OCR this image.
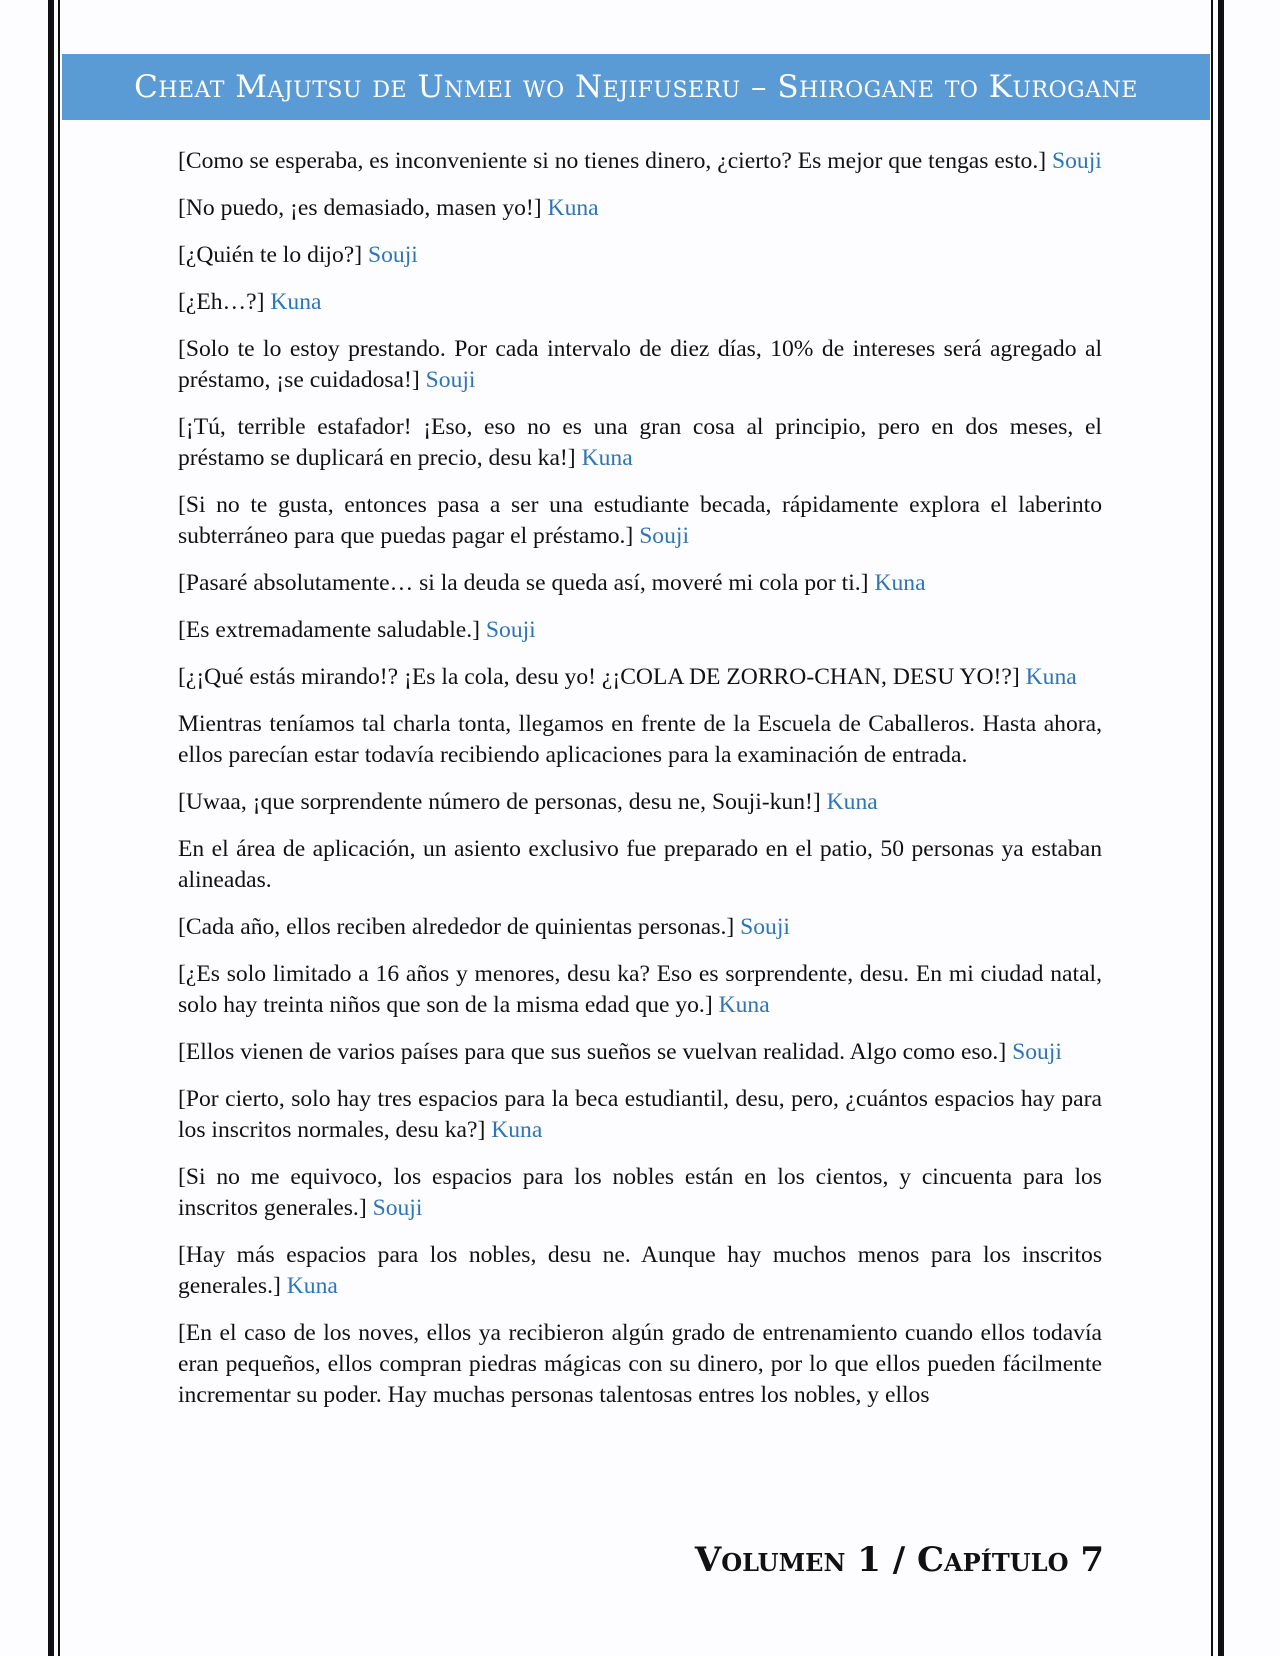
Cheat Majutsu de Unmei wo Nejifuseru – Shirogane to Kurogane

[Como se esperaba, es inconveniente si no tienes dinero, ¿cierto? Es mejor que tengas esto.] Souji

[No puedo, ¡es demasiado, masen yo!] Kuna

[¿Quién te lo dijo?] Souji

[¿Eh…?] Kuna

[Solo te lo estoy prestando. Por cada intervalo de diez días, 10% de intereses será agregado al préstamo, ¡se cuidadosa!] Souji

[¡Tú, terrible estafador! ¡Eso, eso no es una gran cosa al principio, pero en dos meses, el préstamo se duplicará en precio, desu ka!] Kuna

[Si no te gusta, entonces pasa a ser una estudiante becada, rápidamente explora el laberinto subterráneo para que puedas pagar el préstamo.] Souji

[Pasaré absolutamente… si la deuda se queda así, moveré mi cola por ti.] Kuna

[Es extremadamente saludable.] Souji

[¿¡Qué estás mirando!? ¡Es la cola, desu yo! ¿¡COLA DE ZORRO-CHAN, DESU YO!?] Kuna

Mientras teníamos tal charla tonta, llegamos en frente de la Escuela de Caballeros. Hasta ahora, ellos parecían estar todavía recibiendo aplicaciones para la examinación de entrada.

[Uwaa, ¡que sorprendente número de personas, desu ne, Souji-kun!] Kuna

En el área de aplicación, un asiento exclusivo fue preparado en el patio, 50 personas ya estaban alineadas.

[Cada año, ellos reciben alrededor de quinientas personas.] Souji

[¿Es solo limitado a 16 años y menores, desu ka? Eso es sorprendente, desu. En mi ciudad natal, solo hay treinta niños que son de la misma edad que yo.] Kuna

[Ellos vienen de varios países para que sus sueños se vuelvan realidad. Algo como eso.] Souji

[Por cierto, solo hay tres espacios para la beca estudiantil, desu, pero, ¿cuántos espacios hay para los inscritos normales, desu ka?] Kuna

[Si no me equivoco, los espacios para los nobles están en los cientos, y cincuenta para los inscritos generales.] Souji

[Hay más espacios para los nobles, desu ne. Aunque hay muchos menos para los inscritos generales.] Kuna

[En el caso de los noves, ellos ya recibieron algún grado de entrenamiento cuando ellos todavía eran pequeños, ellos compran piedras mágicas con su dinero, por lo que ellos pueden fácilmente incrementar su poder. Hay muchas personas talentosas entres los nobles, y ellos

Volumen 1 / Capítulo 7
